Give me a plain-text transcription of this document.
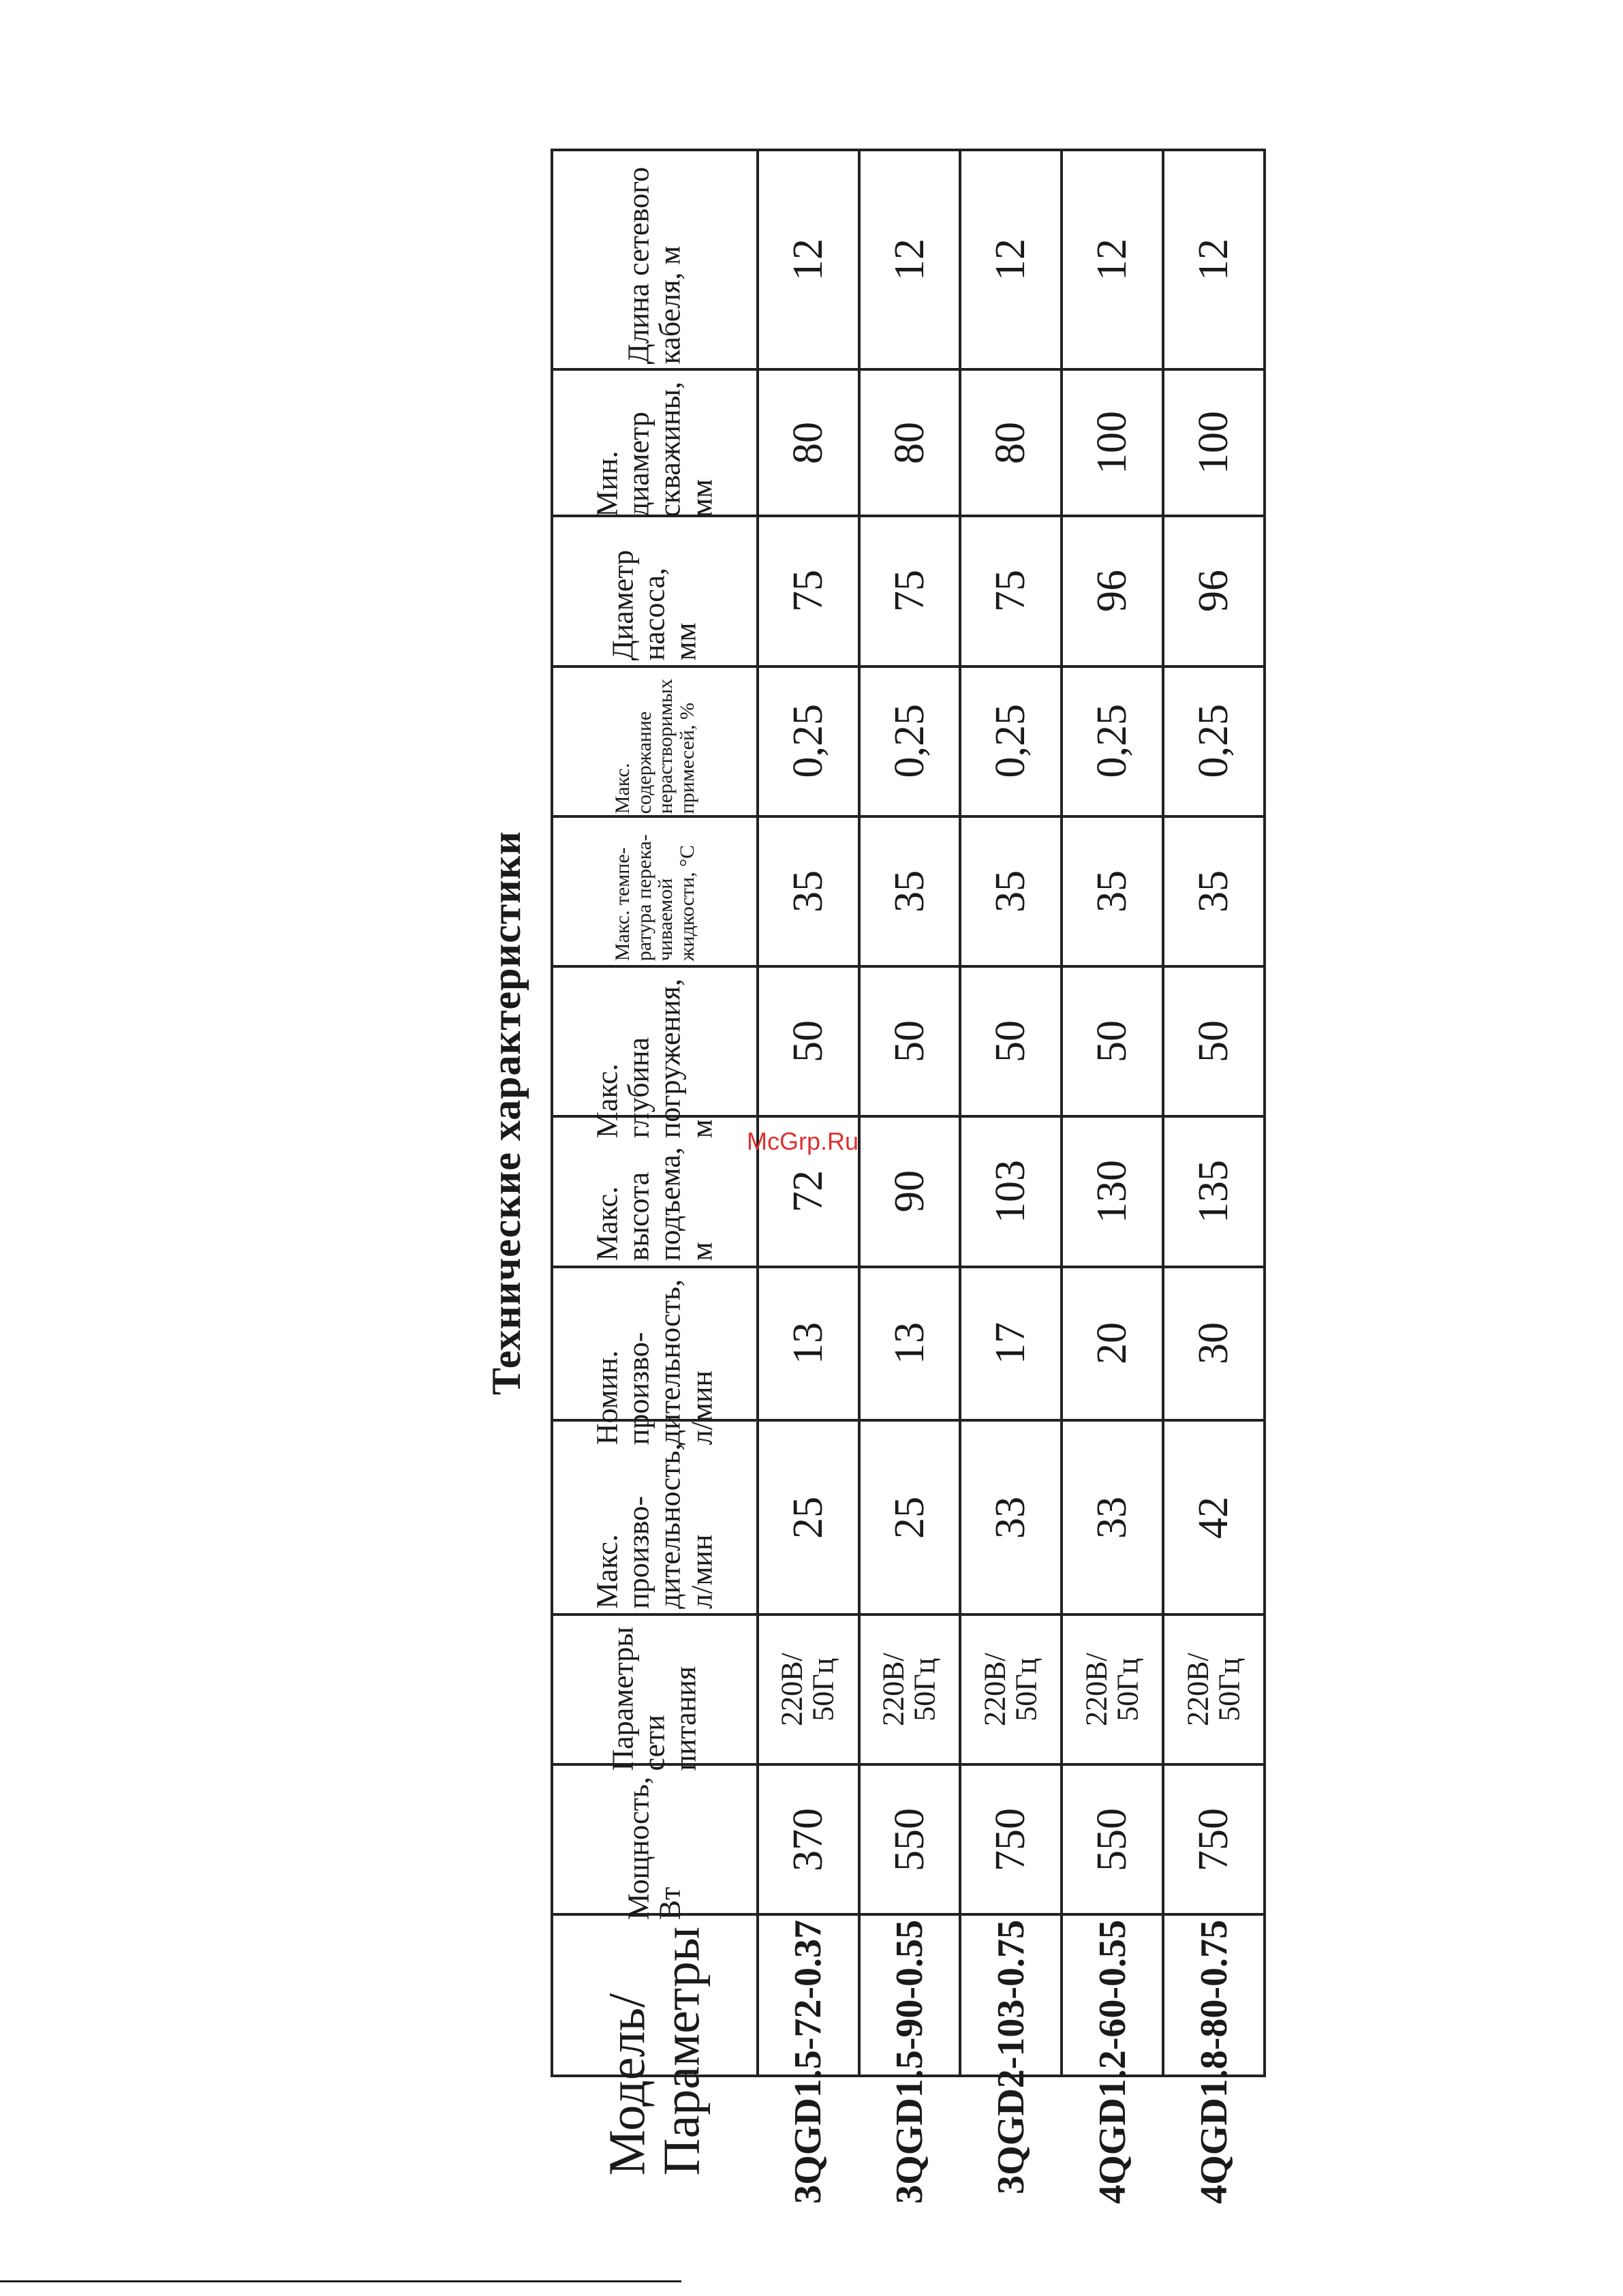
12	100	96	0,25	35	50	135	30	42	220В/ 50Гц	750	4QGD1.8-80-0.75
12	100	96	0,25	35	50	130	20	33	220В/ 50Гц	550	4QGD1.2-60-0.55
12	80	75	0,25	35	50	103	17	33	220В/ 50Гц	750	3QGD2-103-0.75
12	80	75	0,25	35	50	90	13	25	220В/ 50Гц	550	3QGD1.5-90-0.55
12	80	75	0,25	35	50	72	13	25	220В/ 50Гц	370	3QGD1.5-72-0.37
Длина сетевого кабеля, м	Мин. диаметр скважины, мм	Диаметр насоса, мм	Макс. содержание нерастворимых примесей, %	Макс. темпе- ратура перека- чиваемой жидкости, °С	Макс. глубина погружения, м	Макс. высота подъема, м	Номин. произво- дительность, л/мин	Макс. произво- дительность, л/мин	Параметры сети питания	Мощность, Вт	Модель/ Параметры
Технические характеристики	McGrp.Ru
